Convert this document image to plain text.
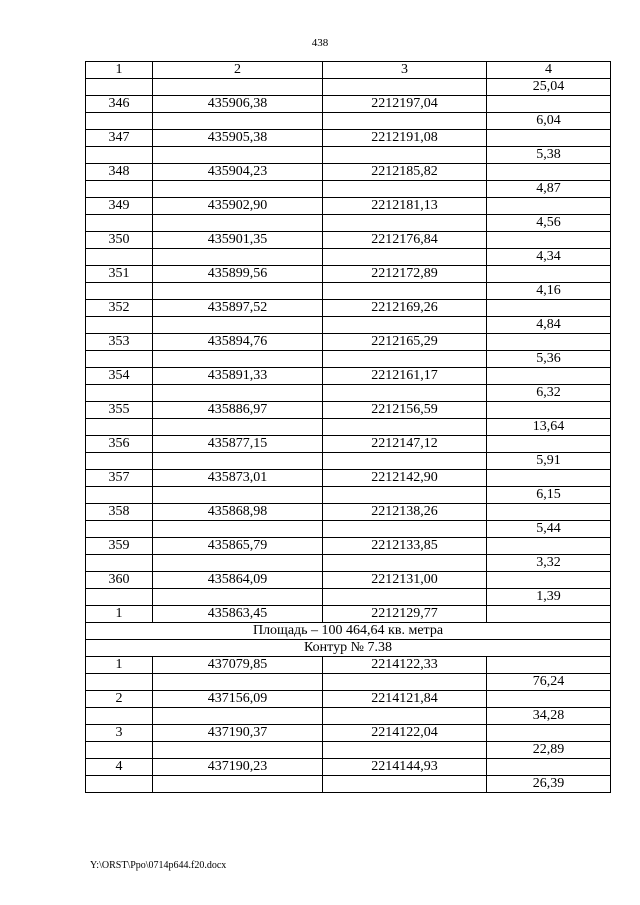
438
1	2	3	4
			25,04
346	435906,38	2212197,04	
			6,04
347	435905,38	2212191,08	
			5,38
348	435904,23	2212185,82	
			4,87
349	435902,90	2212181,13	
			4,56
350	435901,35	2212176,84	
			4,34
351	435899,56	2212172,89	
			4,16
352	435897,52	2212169,26	
			4,84
353	435894,76	2212165,29	
			5,36
354	435891,33	2212161,17	
			6,32
355	435886,97	2212156,59	
			13,64
356	435877,15	2212147,12	
			5,91
357	435873,01	2212142,90	
			6,15
358	435868,98	2212138,26	
			5,44
359	435865,79	2212133,85	
			3,32
360	435864,09	2212131,00	
			1,39
1	435863,45	2212129,77	
Площадь – 100 464,64 кв. метра			
Контур № 7.38			
1	437079,85	2214122,33	
			76,24
2	437156,09	2214121,84	
			34,28
3	437190,37	2214122,04	
			22,89
4	437190,23	2214144,93	
			26,39
Y:\ORST\Ppo\0714p644.f20.docx
